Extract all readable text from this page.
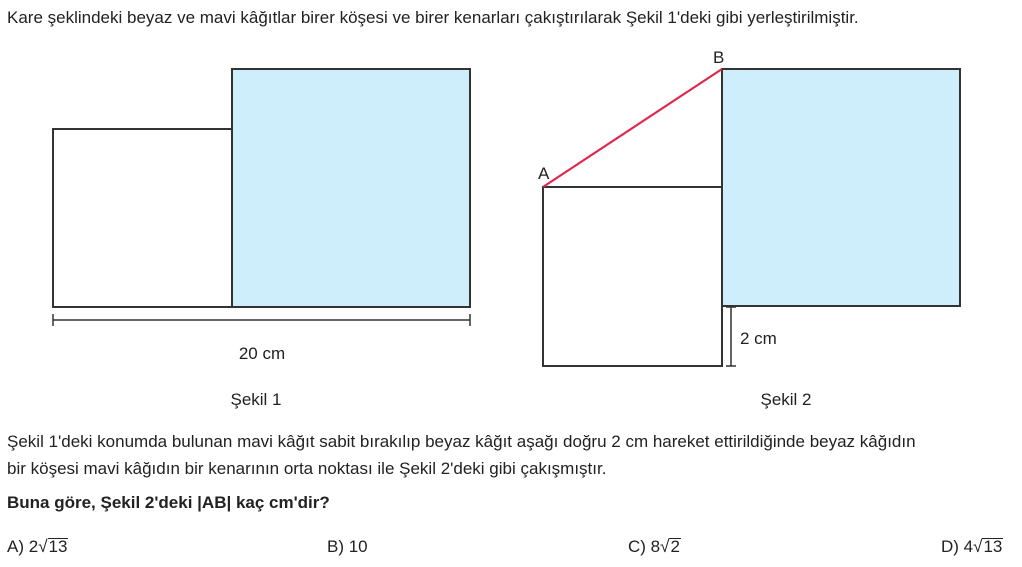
Kare şeklindeki beyaz ve mavi kâğıtlar birer köşesi ve birer kenarları çakıştırılarak Şekil 1'deki gibi yerleştirilmiştir.
20 cm
Şekil 1
2 cm
A
B
Şekil 2
Şekil 1'deki konumda bulunan mavi kâğıt sabit bırakılıp beyaz kâğıt aşağı doğru 2 cm hareket ettirildiğinde beyaz kâğıdın
bir köşesi mavi kâğıdın bir kenarının orta noktası ile Şekil 2'deki gibi çakışmıştır.
Buna göre, Şekil 2'deki |AB| kaç cm'dir?
A) 2√13	B) 10	C) 8√2	D) 4√13
